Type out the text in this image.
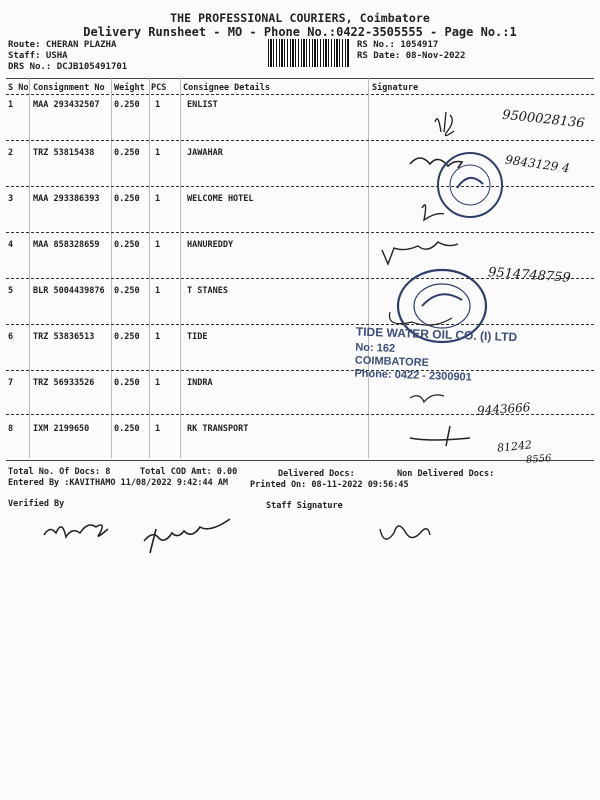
THE PROFESSIONAL COURIERS, Coimbatore
Delivery Runsheet - MO - Phone No.:0422-3505555 - Page No.:1
Route: CHERAN PLAZHA
Staff: USHA
DRS No.: DCJB105491701
RS No.: 1054917
RS Date: 08-Nov-2022
S No Consignment No Weight PCS Consignee Details	Signature
1 MAA 293432507 0.250 1	ENLIST
2 TRZ 53815438 0.250 1	JAWAHAR
3 MAA 293386393 0.250 1	WELCOME HOTEL
4 MAA 858328659 0.250 1	HANUREDDY
5 BLR 5004439876 0.250 1	T STANES
6 TRZ 53836513 0.250 1	TIDE
7 TRZ 56933526 0.250 1	INDRA
8 IXM 2199650	0.250 1	RK TRANSPORT
9500028136
9843129 4
9514748759
9443666
81242
8556
TIDE WATER OIL CO. (I) LTD
No: 162
COIMBATORE
Phone: 0422 - 2300901
Total No. Of Docs: 8	Total COD Amt: 0.00	Delivered Docs:	Non Delivered Docs:
Entered By :KAVITHAMO 11/08/2022 9:42:44 AM	Printed On: 08-11-2022 09:56:45
Verified By	Staff Signature
